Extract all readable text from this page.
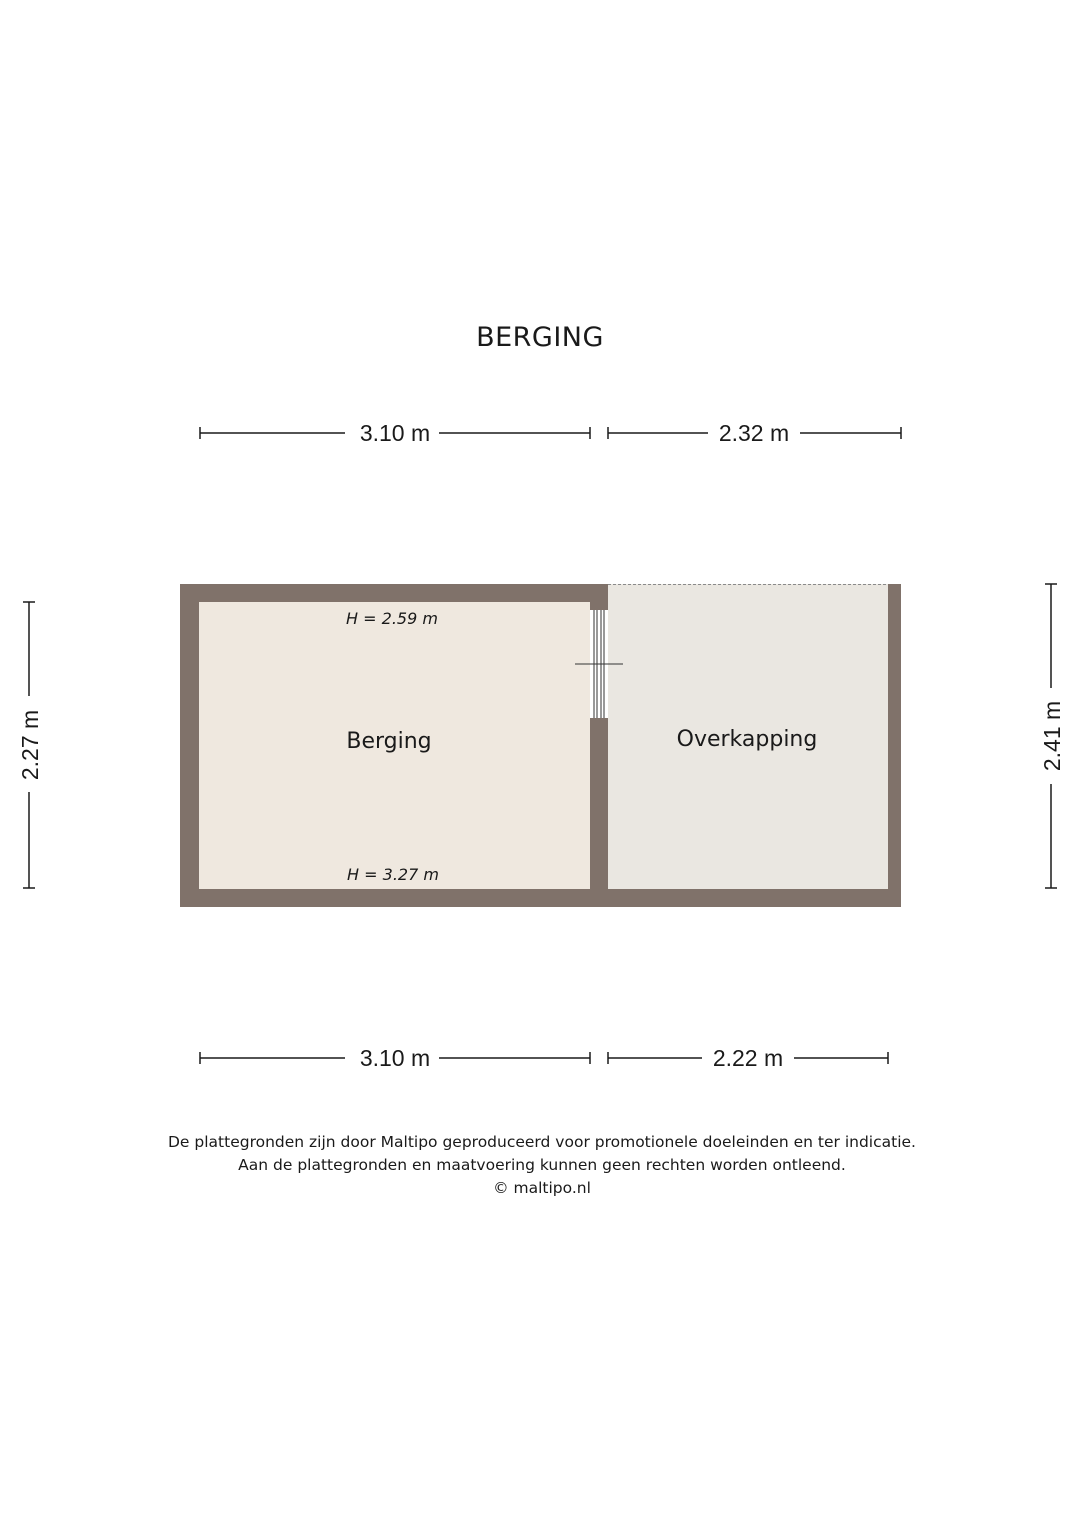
BERGING
Berging	Overkapping
H = 2.59 m
H = 3.27 m
3.10 m	2.32 m
3.10 m	2.22 m
2.27 m	2.41 m
De plattegronden zijn door Maltipo geproduceerd voor promotionele doeleinden en ter indicatie.
Aan de plattegronden en maatvoering kunnen geen rechten worden ontleend.
© maltipo.nl
